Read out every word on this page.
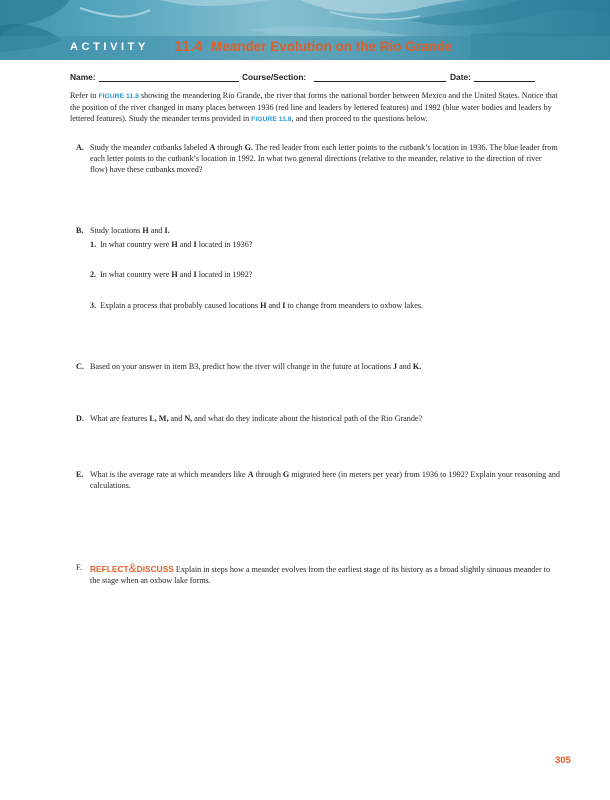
ACTIVITY 11.4 Meander Evolution on the Rio Grande
Name:	Course/Section:	Date:
Refer to FIGURE 11.8 showing the meandering Rio Grande, the river that forms the national border between Mexico and the United States. Notice that the position of the river changed in many places between 1936 (red line and leaders by lettered features) and 1992 (blue water bodies and leaders by lettered features). Study the meander terms provided in FIGURE 11.8, and then proceed to the questions below.
A. Study the meander cutbanks labeled A through G. The red leader from each letter points to the cutbank’s location in 1936. The blue leader from each letter points to the cutbank’s location in 1992. In what two general directions (relative to the meander, relative to the direction of river flow) have these cutbanks moved?
B. Study locations H and I.
1. In what country were H and I located in 1936?
2. In what country were H and I located in 1992?
3. Explain a process that probably caused locations H and I to change from meanders to oxbow lakes.
C. Based on your answer in item B3, predict how the river will change in the future at locations J and K.
D. What are features L, M, and N, and what do they indicate about the historical path of the Rio Grande?
E. What is the average rate at which meanders like A through G migrated here (in meters per year) from 1936 to 1992? Explain your reasoning and calculations.
F. REFLECT&DISCUSS Explain in steps how a meander evolves from the earliest stage of its history as a broad slightly sinuous meander to the stage when an oxbow lake forms.
305
